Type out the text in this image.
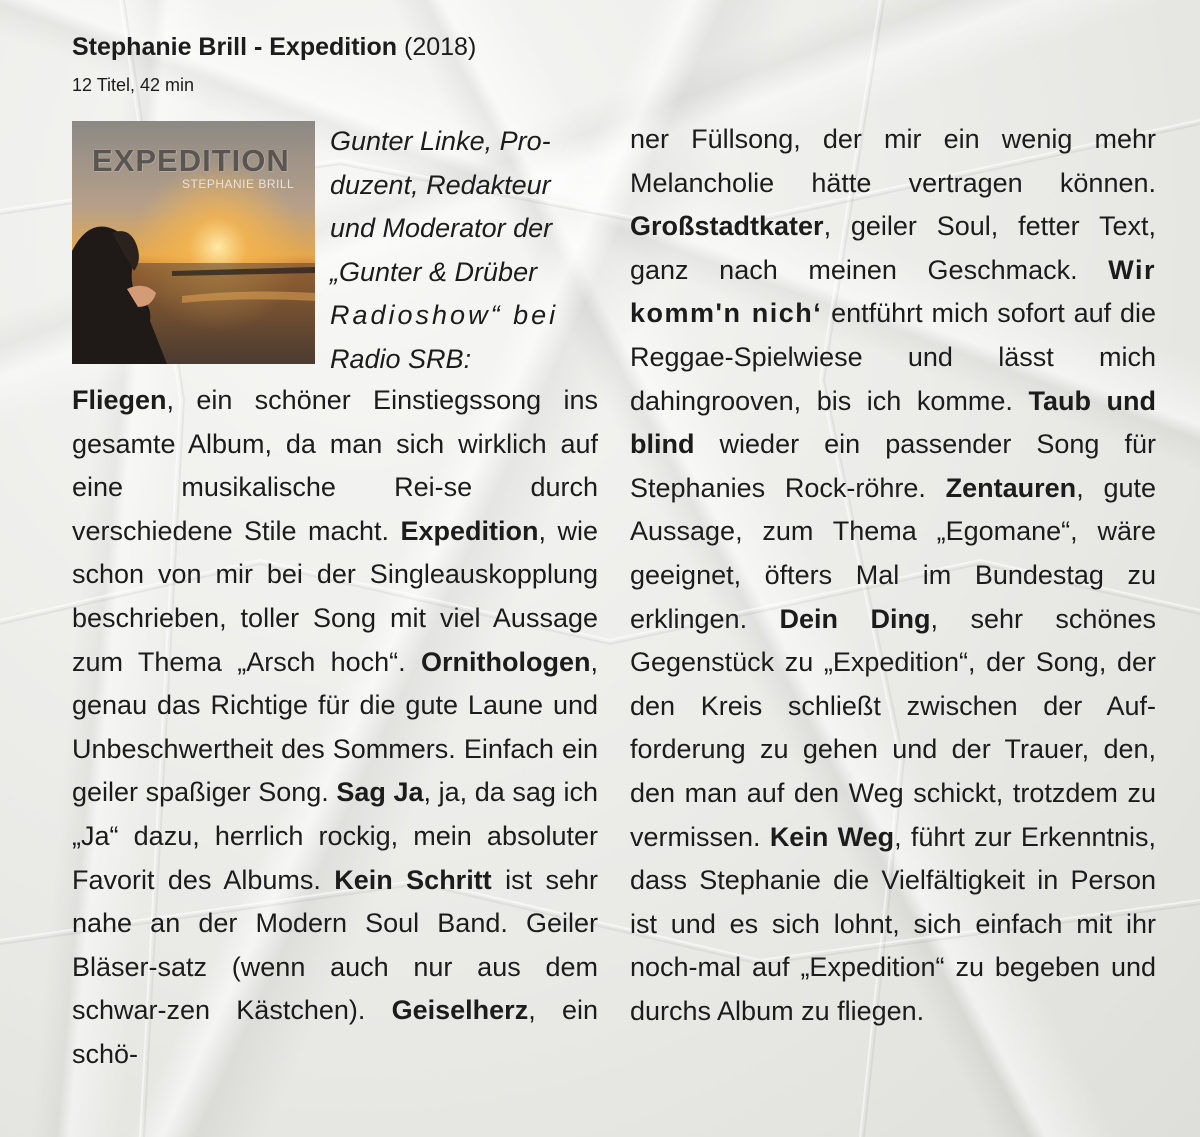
Stephanie Brill - Expedition (2018)
12 Titel, 42 min
EXPEDITION
STEPHANIE BRILL
Gunter Linke, Pro-
duzent, Redakteur
und Moderator der
„Gunter & Drüber
Radioshow“ bei
Radio SRB:

Fliegen, ein schöner Einstiegssong ins gesamte Album, da man sich wirklich auf eine musikalische Rei-se durch verschiedene Stile macht. Expedition, wie schon von mir bei der Singleauskopplung beschrieben, toller Song mit viel Aussage zum Thema „Arsch hoch“. Ornithologen, genau das Richtige für die gute Laune und Unbeschwertheit des Sommers. Einfach ein geiler spaßiger Song. Sag Ja, ja, da sag ich „Ja“ dazu, herrlich rockig, mein absoluter Favorit des Albums. Kein Schritt ist sehr nahe an der Modern Soul Band. Geiler Bläser-satz (wenn auch nur aus dem schwar-zen Kästchen). Geiselherz, ein schö-

ner Füllsong, der mir ein wenig mehr Melancholie hätte vertragen können. Großstadtkater, geiler Soul, fetter Text, ganz nach meinen Geschmack. Wir komm'n nich‘ entführt mich sofort auf die Reggae-Spielwiese und lässt mich dahingrooven, bis ich komme. Taub und blind wieder ein passender Song für Stephanies Rock-röhre. Zentauren, gute Aussage, zum Thema „Egomane“, wäre geeignet, öfters Mal im Bundestag zu erklingen. Dein Ding, sehr schönes Gegenstück zu „Expedition“, der Song, der den Kreis schließt zwischen der Auf-forderung zu gehen und der Trauer, den, den man auf den Weg schickt, trotzdem zu vermissen. Kein Weg, führt zur Erkenntnis, dass Stephanie die Vielfältigkeit in Person ist und es sich lohnt, sich einfach mit ihr noch-mal auf „Expedition“ zu begeben und durchs Album zu fliegen.
